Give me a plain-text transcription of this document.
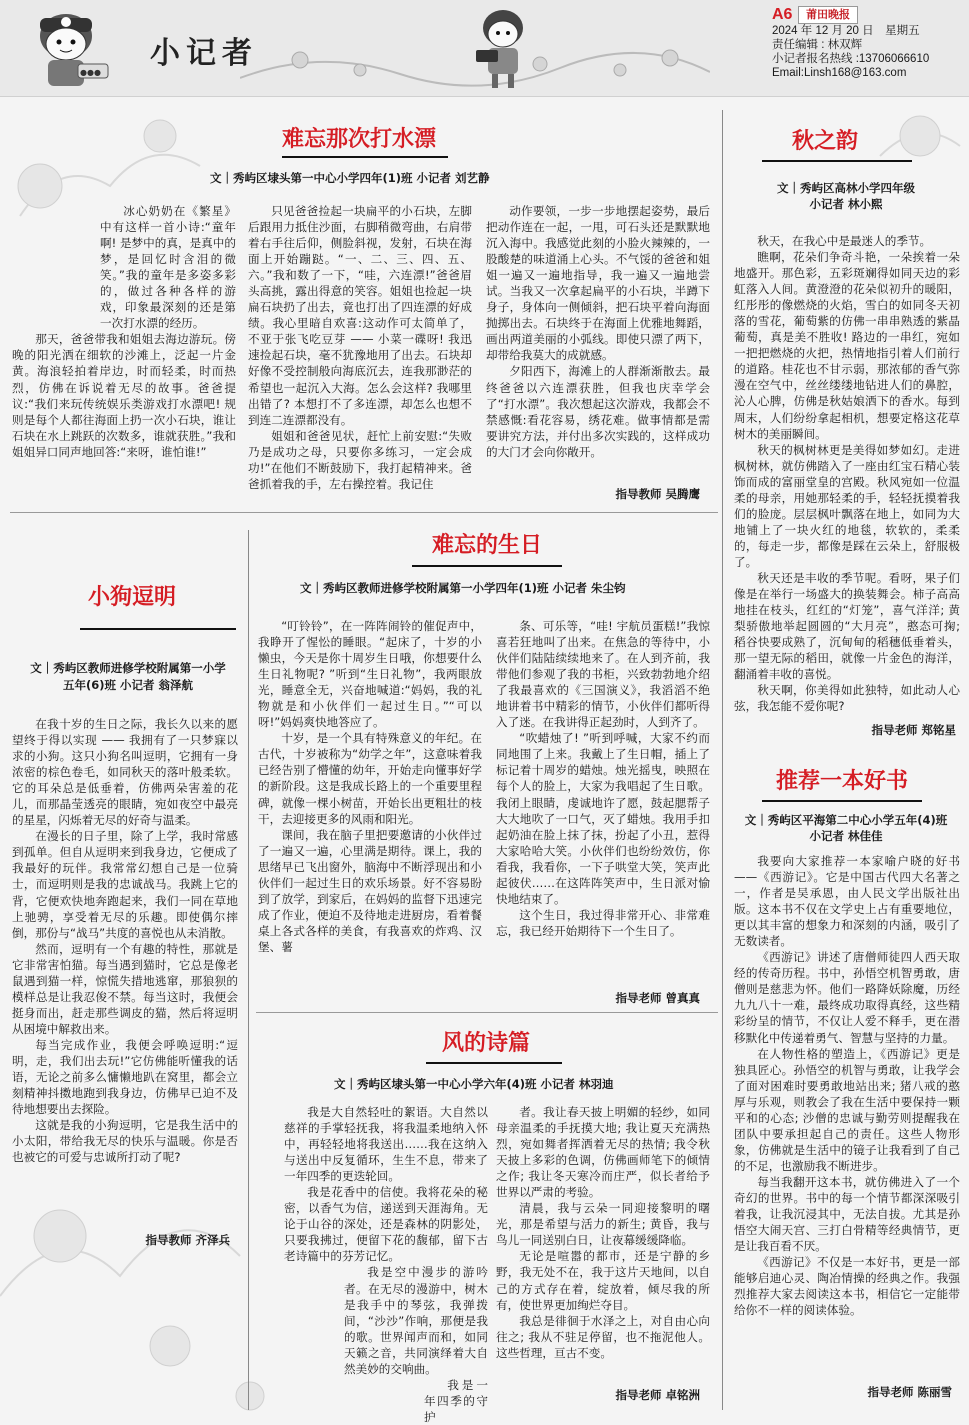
●●●
小记者
A6	莆田晚报
2024 年 12 月 20 日　星期五
责任编辑 : 林双辉
小记者报名热线 :13706066610
Email:Linsh168@163.com
难忘那次打水漂
文｜秀屿区埭头第一中心小学四年(1)班 小记者 刘艺静

冰心奶奶在《繁星》中有这样一首小诗:“童年啊! 是梦中的真，是真中的梦，是回忆时含泪的微笑。”我的童年是多姿多彩的，做过各种各样的游戏，印象最深刻的还是第一次打水漂的经历。

那天，爸爸带我和姐姐去海边游玩。傍晚的阳光洒在细软的沙滩上，泛起一片金黄。海浪轻拍着岸边，时而轻柔，时而热烈，仿佛在诉说着无尽的故事。爸爸提议:“我们来玩传统娱乐类游戏打水漂吧! 规则是每个人都往海面上扔一次小石块，谁让石块在水上跳跃的次数多，谁就获胜。”我和姐姐异口同声地回答:“来呀，谁怕谁!”

只见爸爸捡起一块扁平的小石块，左脚后跟用力抵住沙面，右脚稍微弯曲，右肩带着右手往后仰，侧脸斜视，发射，石块在海面上开始蹦跶。“一、二、三、四、五、六。”我和数了一下，“哇，六连漂!”爸爸眉头高挑，露出得意的笑容。姐姐也捡起一块扁石块扔了出去，竟也打出了四连漂的好成绩。我心里暗自欢喜:这动作可太简单了，不亚于张飞吃豆芽 —— 小菜一碟呀! 我迅速捡起石块，毫不犹豫地用了出去。石块却好像不受控制般向海底沉去，连我那渺茫的希望也一起沉入大海。怎么会这样? 我哪里出错了? 本想打不了多连漂，却怎么也想不到连二连漂都没有。

姐姐和爸爸见状，赶忙上前安慰:“失败乃是成功之母，只要你多练习，一定会成功!”在他们不断鼓励下，我打起精神来。爸爸抓着我的手，左右操控着。我记住

动作要领，一步一步地摆起姿势，最后把动作连在一起，一甩，可石头还是默默地沉入海中。我感觉此刻的小脸火辣辣的，一股酸楚的味道涌上心头。不气馁的爸爸和姐姐一遍又一遍地指导，我一遍又一遍地尝试。当我又一次拿起扁平的小石块，半蹲下身子，身体向一侧倾斜，把石块平着向海面抛掷出去。石块终于在海面上优雅地舞蹈，画出两道美丽的小弧线。即使只漂了两下，却带给我莫大的成就感。

夕阳西下，海滩上的人群渐渐散去。最终爸爸以六连漂获胜，但我也庆幸学会了“打水漂”。我次想起这次游戏，我都会不禁感慨:看花容易，绣花难。做事情都是需要讲究方法，并付出多次实践的，这样成功的大门才会向你敞开。

指导教师 吴腾鹰
秋之韵
文｜秀屿区高林小学四年级
小记者 林小熙

秋天，在我心中是最迷人的季节。

瞧啊，花朵们争奇斗艳，一朵挨着一朵地盛开。那色彩，五彩斑斓得如同天边的彩虹落入人间。黄澄澄的花朵似初升的暖阳，红彤彤的像燃烧的火焰，雪白的如同冬天初落的雪花，葡萄紫的仿佛一串串熟透的紫晶葡萄，真是美不胜收! 路边的一串红，宛如一把把燃烧的火把，热情地指引着人们前行的道路。桂花也不甘示弱，那浓郁的香气弥漫在空气中，丝丝缕缕地钻进人们的鼻腔，沁人心脾，仿佛是秋姑娘洒下的香水。每到周末，人们纷纷拿起相机，想要定格这花草树木的美丽瞬间。

秋天的枫树林更是美得如梦如幻。走进枫树林，就仿佛踏入了一座由红宝石精心装饰而成的富丽堂皇的宫殿。秋风宛如一位温柔的母亲，用她那轻柔的手，轻轻抚摸着我们的脸庞。层层枫叶飘落在地上，如同为大地铺上了一块火红的地毯，软软的，柔柔的，每走一步，都像是踩在云朵上，舒服极了。

秋天还是丰收的季节呢。看呀，果子们像是在举行一场盛大的换装舞会。柿子高高地挂在枝头，红红的“灯笼”，喜气洋洋; 黄梨骄傲地举起圆圆的“大月亮”，憨态可掬; 稻谷快要成熟了，沉甸甸的稻穗低垂着头，那一望无际的稻田，就像一片金色的海洋，翻涌着丰收的喜悦。

秋天啊，你美得如此独特，如此动人心弦，我怎能不爱你呢?

指导老师 郑铭星
推荐一本好书
文｜秀屿区平海第二中心小学五年(4)班
小记者 林佳佳

我要向大家推荐一本家喻户晓的好书——《西游记》。它是中国古代四大名著之一，作者是吴承恩，由人民文学出版社出版。这本书不仅在文学史上占有重要地位，更以其丰富的想象力和深刻的内涵，吸引了无数读者。

《西游记》讲述了唐僧师徒四人西天取经的传奇历程。书中，孙悟空机智勇敢，唐僧则是慈悲为怀。他们一路降妖除魔，历经九九八十一难，最终成功取得真经，这些精彩纷呈的情节，不仅让人爱不释手，更在潜移默化中传递着勇气、智慧与坚持的力量。

在人物性格的塑造上，《西游记》更是独具匠心。孙悟空的机智与勇敢，让我学会了面对困难时要勇敢地站出来; 猪八戒的憨厚与乐观，则教会了我在生活中要保持一颗平和的心态; 沙僧的忠诚与勤劳则提醒我在团队中要承担起自己的责任。这些人物形象，仿佛就是生活中的镜子让我看到了自己的不足，也激励我不断进步。

每当我翻开这本书，就仿佛进入了一个奇幻的世界。书中的每一个情节都深深吸引着我，让我沉浸其中，无法自拔。尤其是孙悟空大闹天宫、三打白骨精等经典情节，更是让我百看不厌。

《西游记》不仅是一本好书，更是一部能够启迪心灵、陶冶情操的经典之作。我强烈推荐大家去阅读这本书，相信它一定能带给你不一样的阅读体验。

指导老师 陈丽雪
难忘的生日
文｜秀屿区教师进修学校附属第一小学四年(1)班 小记者 朱尘钧

“叮铃铃”，在一阵阵闹铃的催促声中，我睁开了惺忪的睡眼。“起床了，十岁的小懒虫，今天是你十周岁生日哦，你想要什么生日礼物呢? ”听到“生日礼物”，我两眼放光，睡意全无，兴奋地喊道:“妈妈，我的礼物就是和小伙伴们一起过生日。”“可以呀!”妈妈爽快地答应了。

十岁，是一个具有特殊意义的年纪。在古代，十岁被称为“幼学之年”，这意味着我已经告别了懵懂的幼年，开始走向懂事好学的新阶段。这是我成长路上的一个重要里程碑，就像一棵小树苗，开始长出更粗壮的枝干，去迎接更多的风雨和阳光。

课间，我在脑子里把要邀请的小伙伴过了一遍又一遍，心里满是期待。课上，我的思绪早已飞出窗外，脑海中不断浮现出和小伙伴们一起过生日的欢乐场景。好不容易盼到了放学，到家后，在妈妈的监督下迅速完成了作业，便迫不及待地走进厨房，看着餐桌上各式各样的美食，有我喜欢的炸鸡、汉堡、薯

条、可乐等，“哇! 宇航员蛋糕!”我惊喜若狂地叫了出来。在焦急的等待中，小伙伴们陆陆续续地来了。在人到齐前，我带他们参观了我的书柜，兴致勃勃地介绍了我最喜欢的《三国演义》，我滔滔不绝地讲着书中精彩的情节，小伙伴们都听得入了迷。在我讲得正起劲时，人到齐了。

“吹蜡烛了! ”听到呼喊，大家不约而同地围了上来。我戴上了生日帽，插上了标记着十周岁的蜡烛。烛光摇曳，映照在每个人的脸上，大家为我唱起了生日歌。我闭上眼睛，虔诚地许了愿，鼓起腮帮子大大地吹了一口气，灭了蜡烛。我用手扣起奶油在脸上抹了抹，扮起了小丑，惹得大家哈哈大笑。小伙伴们也纷纷效仿，你看我，我看你，一下子哄堂大笑，笑声此起彼伏……在这阵阵笑声中，生日派对愉快地结束了。

这个生日，我过得非常开心、非常难忘，我已经开始期待下一个生日了。

指导老师 曾真真
小狗逗明
文｜秀屿区教师进修学校附属第一小学
五年(6)班 小记者 翁泽航

在我十岁的生日之际，我长久以来的愿望终于得以实现 —— 我拥有了一只梦寐以求的小狗。这只小狗名叫逗明，它拥有一身浓密的棕色卷毛，如同秋天的落叶般柔软。它的耳朵总是低垂着，仿佛两朵害羞的花儿，而那晶莹透亮的眼睛，宛如夜空中最亮的星星，闪烁着无尽的好奇与温柔。

在漫长的日子里，除了上学，我时常感到孤单。但自从逗明来到我身边，它便成了我最好的玩伴。我常常幻想自己是一位骑士，而逗明则是我的忠诚战马。我跳上它的背，它便欢快地奔跑起来，我们一同在草地上驰骋，享受着无尽的乐趣。即使偶尔摔倒，那份与“战马”共度的喜悦也从未消散。

然而，逗明有一个有趣的特性，那就是它非常害怕猫。每当遇到猫时，它总是像老鼠遇到猫一样，惊慌失措地逃窜，那狼狈的模样总是让我忍俊不禁。每当这时，我便会挺身而出，赶走那些调皮的猫，然后将逗明从困境中解救出来。

每当完成作业，我便会呼唤逗明:“逗明，走，我们出去玩!”它仿佛能听懂我的话语，无论之前多么慵懒地趴在窝里，都会立刻精神抖擞地跑到我身边，仿佛早已迫不及待地想要出去探险。

这就是我的小狗逗明，它是我生活中的小太阳，带给我无尽的快乐与温暖。你是否也被它的可爱与忠诚所打动了呢?

指导教师 齐泽兵
风的诗篇
文｜秀屿区埭头第一中心小学六年(4)班 小记者 林羽迪

我是大自然轻吐的絮语。大自然以慈祥的手掌轻抚我，将我温柔地纳入怀中，再轻轻地将我送出……我在这纳入与送出中反复循环，生生不息，带来了一年四季的更迭轮回。

我是花香中的信使。我将花朵的秘密，以香气为信，递送到天涯海角。无论于山谷的深处，还是森林的阴影处，只要我拂过，便留下花的馥郁，留下古老诗篇中的芬芳记忆。

我是空中漫步的游吟者。在无尽的漫游中，树木是我手中的琴弦，我弹拨间，“沙沙”作响，那便是我的歌。世界闻声而和，如同天籁之音，共同演绎着大自然美妙的交响曲。

我是一年四季的守护

者。我让春天披上明媚的轻纱，如同母亲温柔的手抚摸大地; 我让夏天充满热烈，宛如舞者挥洒着无尽的热情; 我令秋天披上多彩的色调，仿佛画师笔下的倾情之作; 我让冬天寒冷而庄严，似长者给予世界以严肃的考验。

清晨，我与云朵一同迎接黎明的曙光，那是希望与活力的新生; 黄昏，我与鸟儿一同送别白日，让夜幕缓缓降临。

无论是喧嚣的都市，还是宁静的乡野，我无处不在，我于这片天地间，以自己的方式存在着，绽放着，倾尽我的所有，使世界更加绚烂夺目。

我总是徘徊于水泽之上，对自由心向往之; 我从不驻足停留，也不拖泥他人。这些哲理，亘古不变。

指导老师 卓铭洲
